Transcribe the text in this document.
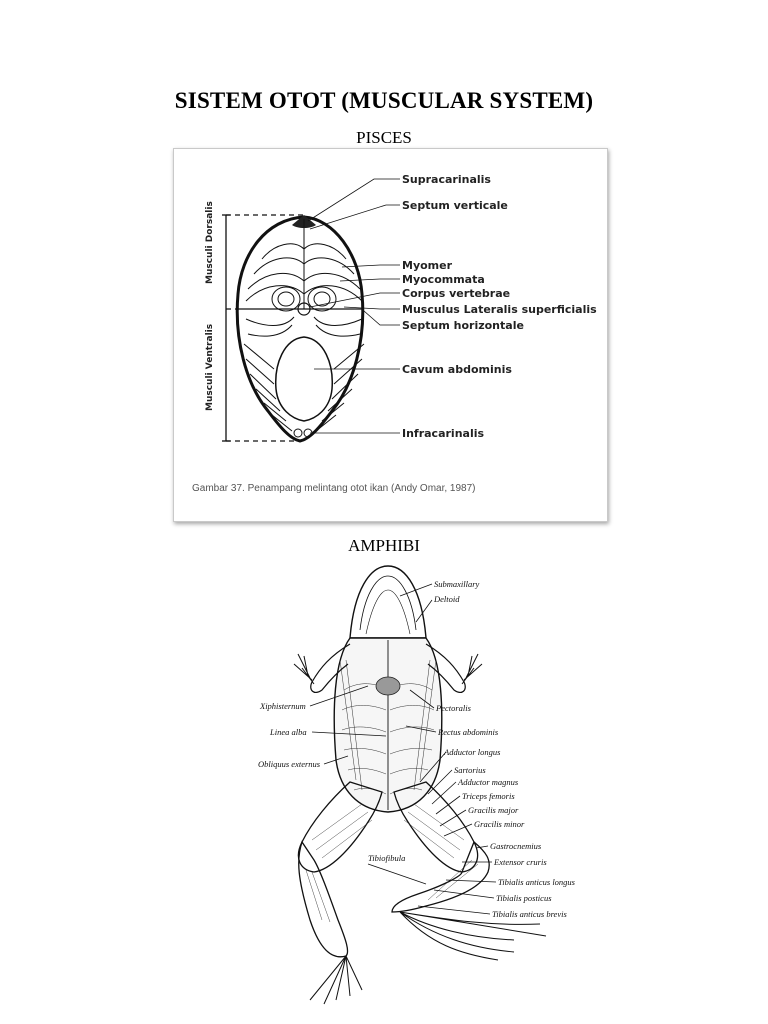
SISTEM OTOT (MUSCULAR SYSTEM)
PISCES
Musculi Dorsalis
Musculi Ventralis
Supracarinalis
Septum verticale
Myomer
Myocommata
Corpus vertebrae
Musculus Lateralis superficialis
Septum horizontale
Cavum abdominis
Infracarinalis
Gambar 37. Penampang melintang otot ikan (Andy Omar, 1987)
AMPHIBI
Submaxillary
Deltoid
Pectoralis
Rectus abdominis
Adductor longus
Sartorius
Adductor magnus
Triceps femoris
Gracilis major
Gracilis minor
Gastrocnemius
Extensor cruris
Tibialis anticus longus
Tibialis posticus
Tibialis anticus brevis
Xiphisternum
Linea alba
Obliquus externus
Tibiofibula
